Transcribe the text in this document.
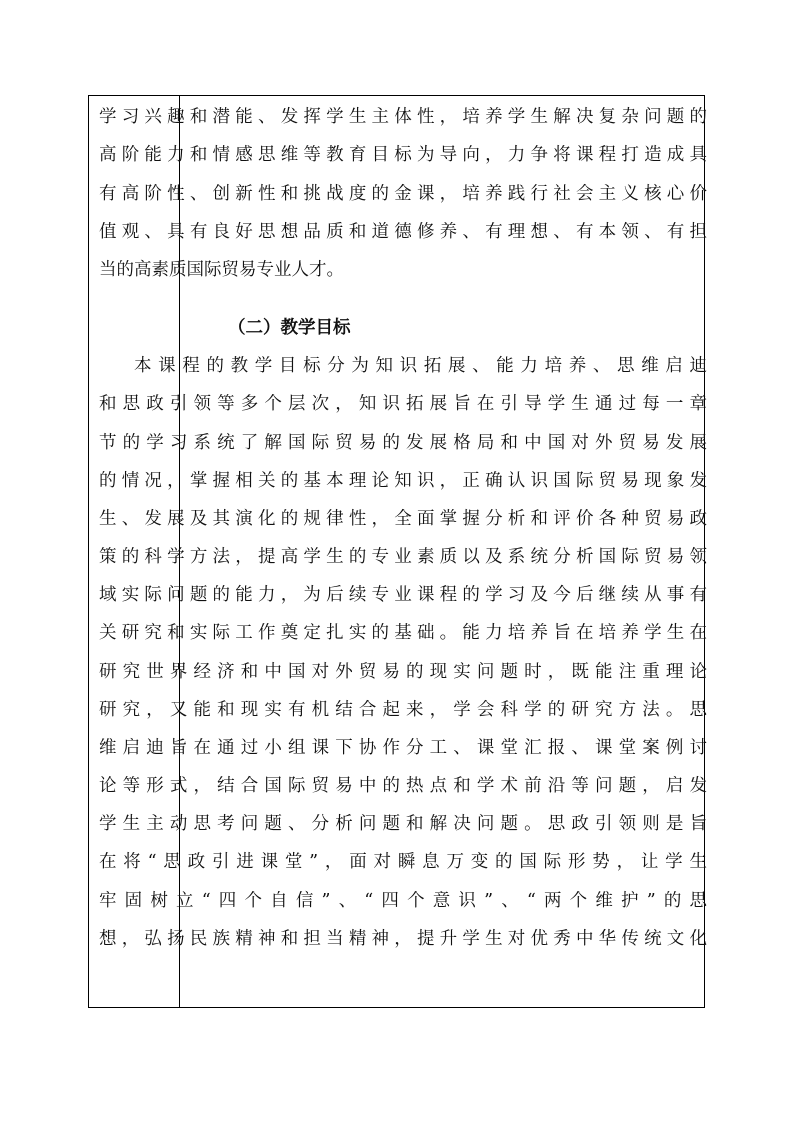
学习兴趣和潜能、发挥学生主体性，培养学生解决复杂问题的
高阶能力和情感思维等教育目标为导向，力争将课程打造成具
有高阶性、创新性和挑战度的金课，培养践行社会主义核心价
值观、具有良好思想品质和道德修养、有理想、有本领、有担
当的高素质国际贸易专业人才。
（二）教学目标
本课程的教学目标分为知识拓展、能力培养、思维启迪
和思政引领等多个层次，知识拓展旨在引导学生通过每一章
节的学习系统了解国际贸易的发展格局和中国对外贸易发展
的情况，掌握相关的基本理论知识，正确认识国际贸易现象发
生、发展及其演化的规律性，全面掌握分析和评价各种贸易政
策的科学方法，提高学生的专业素质以及系统分析国际贸易领
域实际问题的能力，为后续专业课程的学习及今后继续从事有
关研究和实际工作奠定扎实的基础。能力培养旨在培养学生在
研究世界经济和中国对外贸易的现实问题时，既能注重理论
研究，又能和现实有机结合起来，学会科学的研究方法。思
维启迪旨在通过小组课下协作分工、课堂汇报、课堂案例讨
论等形式，结合国际贸易中的热点和学术前沿等问题，启发
学生主动思考问题、分析问题和解决问题。思政引领则是旨
在将“思政引进课堂”，面对瞬息万变的国际形势，让学生
牢固树立“四个自信”、“四个意识”、“两个维护”的思
想，弘扬民族精神和担当精神，提升学生对优秀中华传统文化
